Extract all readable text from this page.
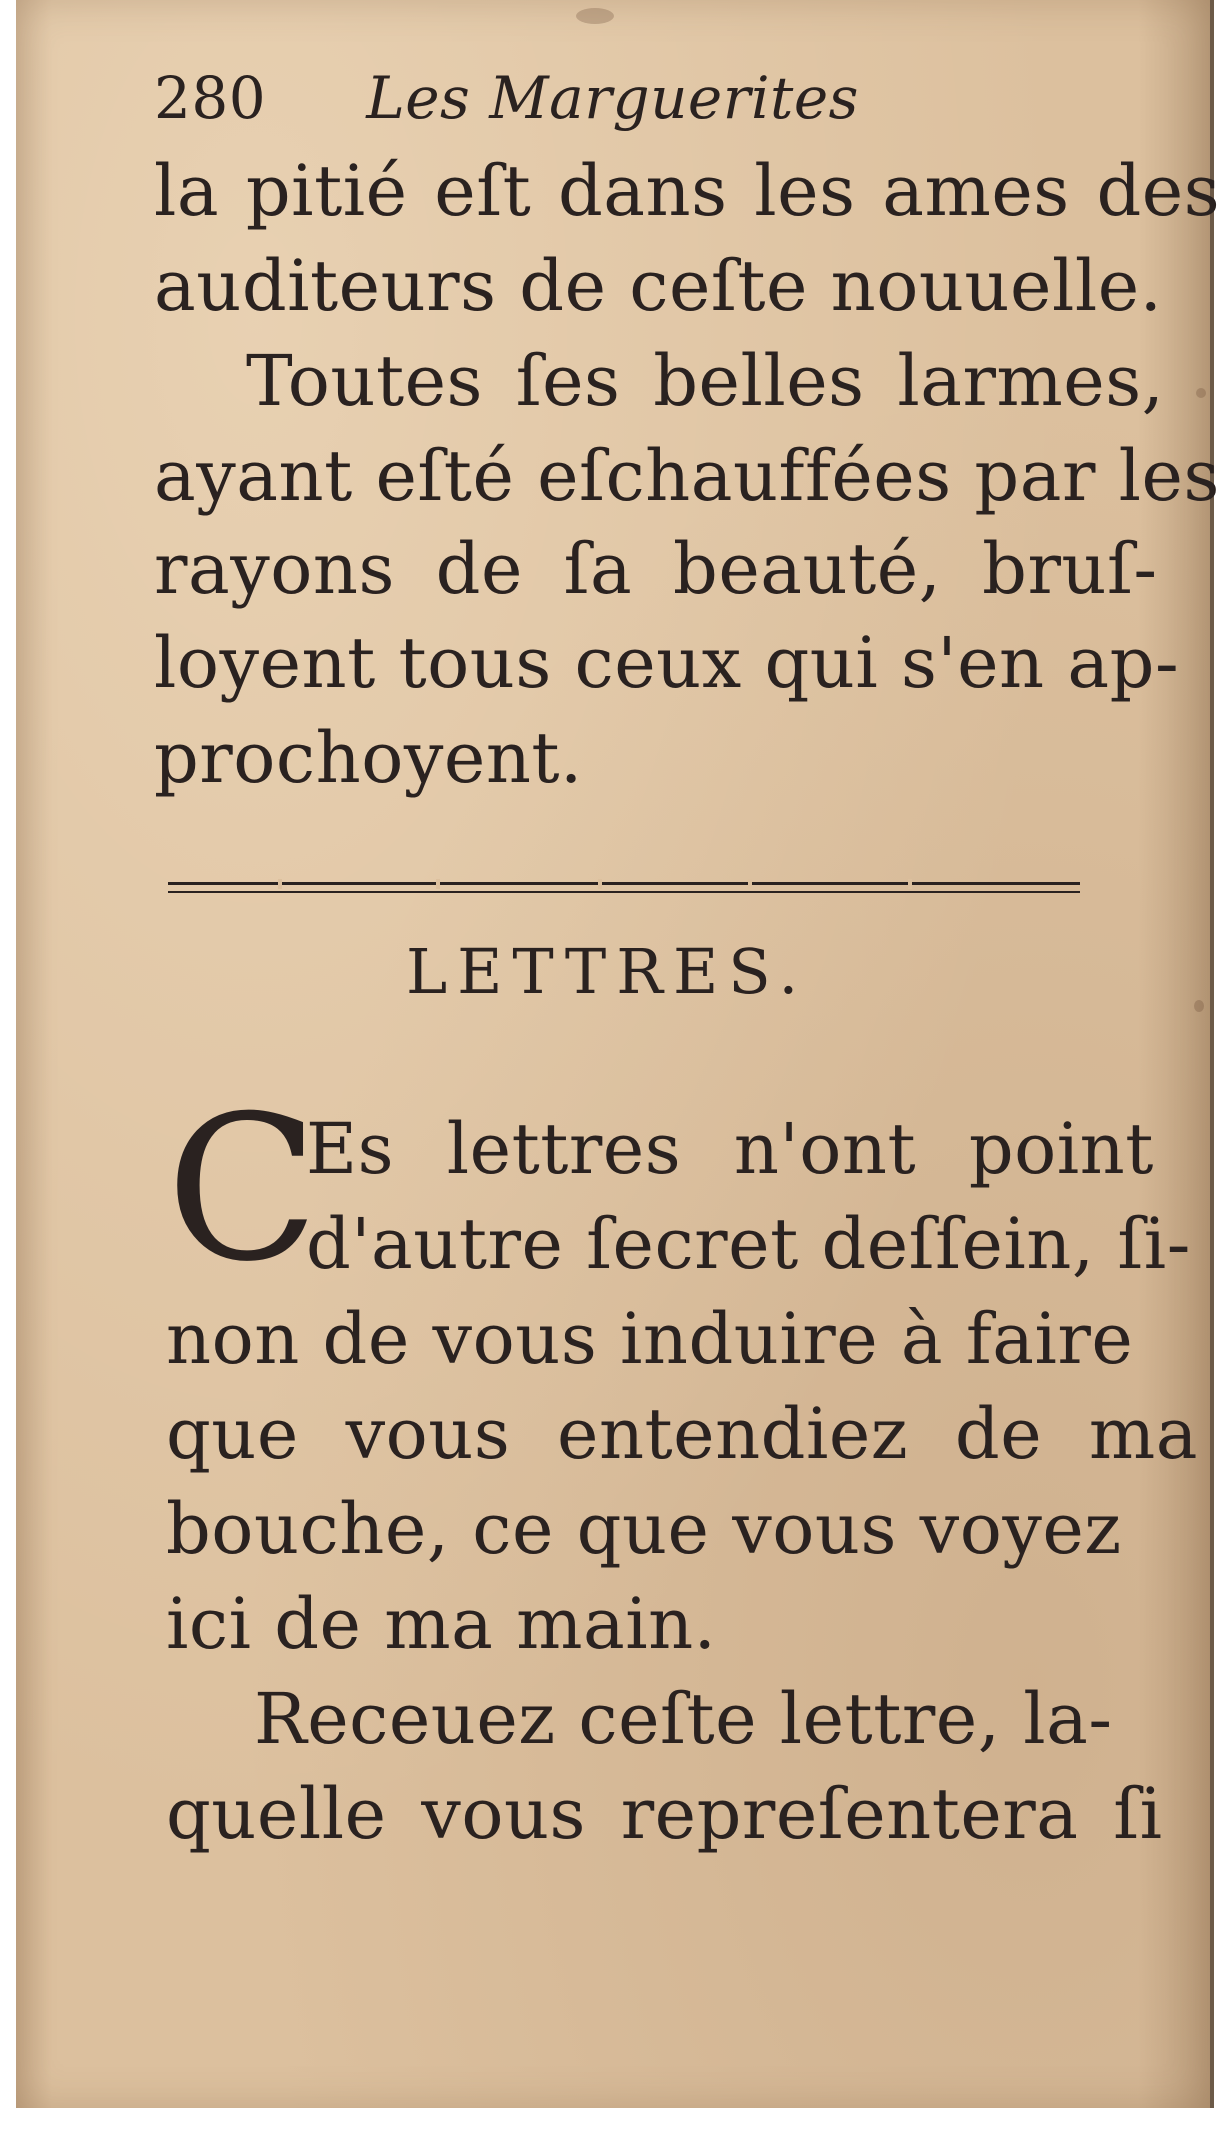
280 Les Marguerites
la pitié eſt dans les ames des
auditeurs de ceſte nouuelle.
Toutes ſes belles larmes,
ayant eſté eſchauffées par les
rayons de ſa beauté, bruſ-
loyent tous ceux qui s'en ap-
prochoyent.
LETTRES.
C
Es lettres n'ont point
d'autre ſecret deſſein, ſi-
non de vous induire à faire
que vous entendiez de ma
bouche, ce que vous voyez
ici de ma main.
Receuez ceſte lettre, la-
quelle vous repreſentera ſi
